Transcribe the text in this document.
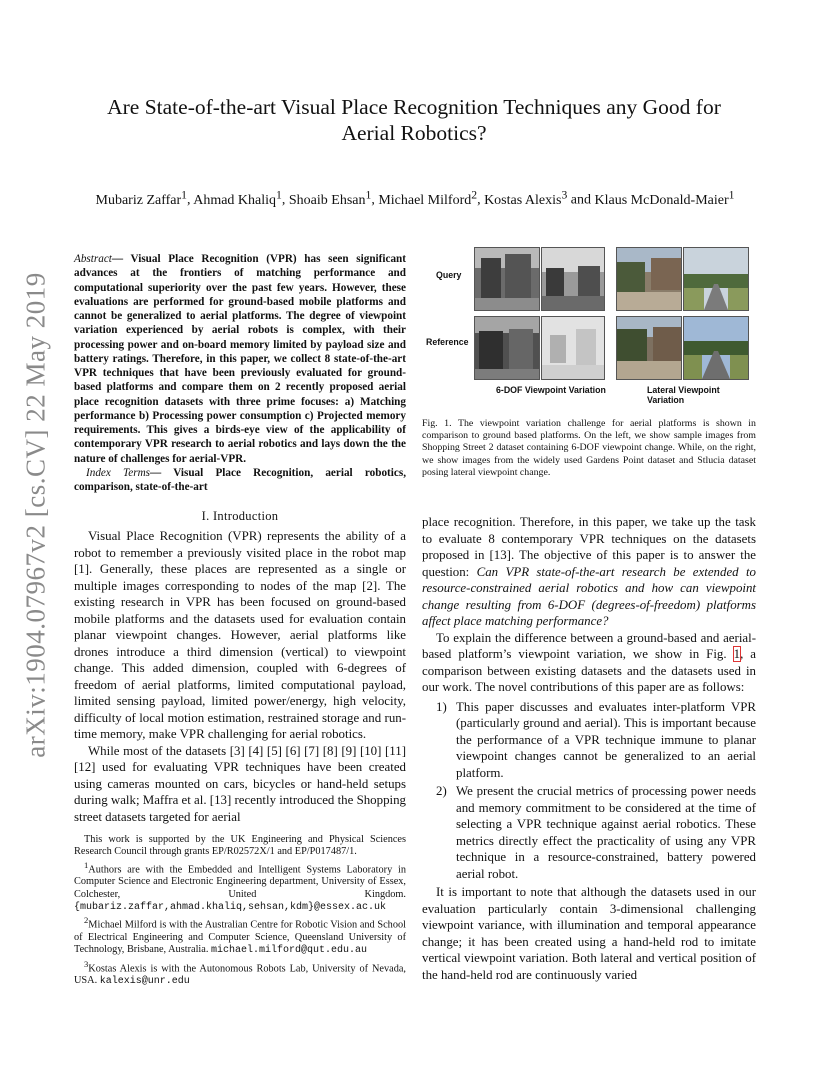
arXiv:1904.07967v2 [cs.CV] 22 May 2019
Are State-of-the-art Visual Place Recognition Techniques any Good for
Aerial Robotics?
Mubariz Zaffar$^1$, Ahmad Khaliq$^1$, Shoaib Ehsan$^1$, Michael Milford$^2$, Kostas Alexis$^3$ and Klaus McDonald-Maier$^1$
Abstract— Visual Place Recognition (VPR) has seen significant advances at the frontiers of matching performance and computational superiority over the past few years. However, these evaluations are performed for ground-based mobile platforms and cannot be generalized to aerial platforms. The degree of viewpoint variation experienced by aerial robots is complex, with their processing power and on-board memory limited by payload size and battery ratings. Therefore, in this paper, we collect 8 state-of-the-art VPR techniques that have been previously evaluated for ground-based platforms and compare them on 2 recently proposed aerial place recognition datasets with three prime focuses: a) Matching performance b) Processing power consumption c) Projected memory requirements. This gives a birds-eye view of the applicability of contemporary VPR research to aerial robotics and lays down the the nature of challenges for aerial-VPR.
Index Terms— Visual Place Recognition, aerial robotics, comparison, state-of-the-art
I. Introduction

Visual Place Recognition (VPR) represents the ability of a robot to remember a previously visited place in the robot map [1]. Generally, these places are represented as a single or multiple images corresponding to nodes of the map [2]. The existing research in VPR has been focused on ground-based mobile platforms and the datasets used for evaluation contain planar viewpoint changes. However, aerial platforms like drones introduce a third dimension (vertical) to viewpoint change. This added dimension, coupled with 6-degrees of freedom of aerial platforms, limited computational payload, limited sensing payload, limited power/energy, high velocity, difficulty of local motion estimation, restrained storage and run-time memory, make VPR challenging for aerial robotics.

While most of the datasets [3] [4] [5] [6] [7] [8] [9] [10] [11] [12] used for evaluating VPR techniques have been created using cameras mounted on cars, bicycles or hand-held setups during walk; Maffra et al. [13] recently introduced the Shopping street datasets targeted for aerial

This work is supported by the UK Engineering and Physical Sciences Research Council through grants EP/R02572X/1 and EP/P017487/1.

$^1$Authors are with the Embedded and Intelligent Systems Laboratory in Computer Science and Electronic Engineering department, University of Essex, Colchester, United Kingdom. {mubariz.zaffar,ahmad.khaliq,sehsan,kdm}@essex.ac.uk

$^2$Michael Milford is with the Australian Centre for Robotic Vision and School of Electrical Engineering and Computer Science, Queensland University of Technology, Brisbane, Australia. michael.milford@qut.edu.au

$^3$Kostas Alexis is with the Autonomous Robots Lab, University of Nevada, USA. kalexis@unr.edu

Query
Reference
6-DOF Viewpoint Variation	Lateral Viewpoint Variation
Fig. 1. The viewpoint variation challenge for aerial platforms is shown in comparison to ground based platforms. On the left, we show sample images from Shopping Street 2 dataset containing 6-DOF viewpoint change. While, on the right, we show images from the widely used Gardens Point dataset and Stlucia dataset posing lateral viewpoint change.

place recognition. Therefore, in this paper, we take up the task to evaluate 8 contemporary VPR techniques on the datasets proposed in [13]. The objective of this paper is to answer the question: Can VPR state-of-the-art research be extended to resource-constrained aerial robotics and how can viewpoint change resulting from 6-DOF (degrees-of-freedom) platforms affect place matching performance?

To explain the difference between a ground-based and aerial-based platform’s viewpoint variation, we show in Fig. 1, a comparison between existing datasets and the datasets used in our work. The novel contributions of this paper are as follows:

1) This paper discusses and evaluates inter-platform VPR (particularly ground and aerial). This is important because the performance of a VPR technique immune to planar viewpoint changes cannot be generalized to an aerial platform.
2) We present the crucial metrics of processing power needs and memory commitment to be considered at the time of selecting a VPR technique against aerial robotics. These metrics directly effect the practicality of using any VPR technique in a resource-constrained, battery powered aerial robot.

It is important to note that although the datasets used in our evaluation particularly contain 3-dimensional challenging viewpoint variance, with illumination and temporal appearance change; it has been created using a hand-held rod to imitate vertical viewpoint variation. Both lateral and vertical position of the hand-held rod are continuously varied
